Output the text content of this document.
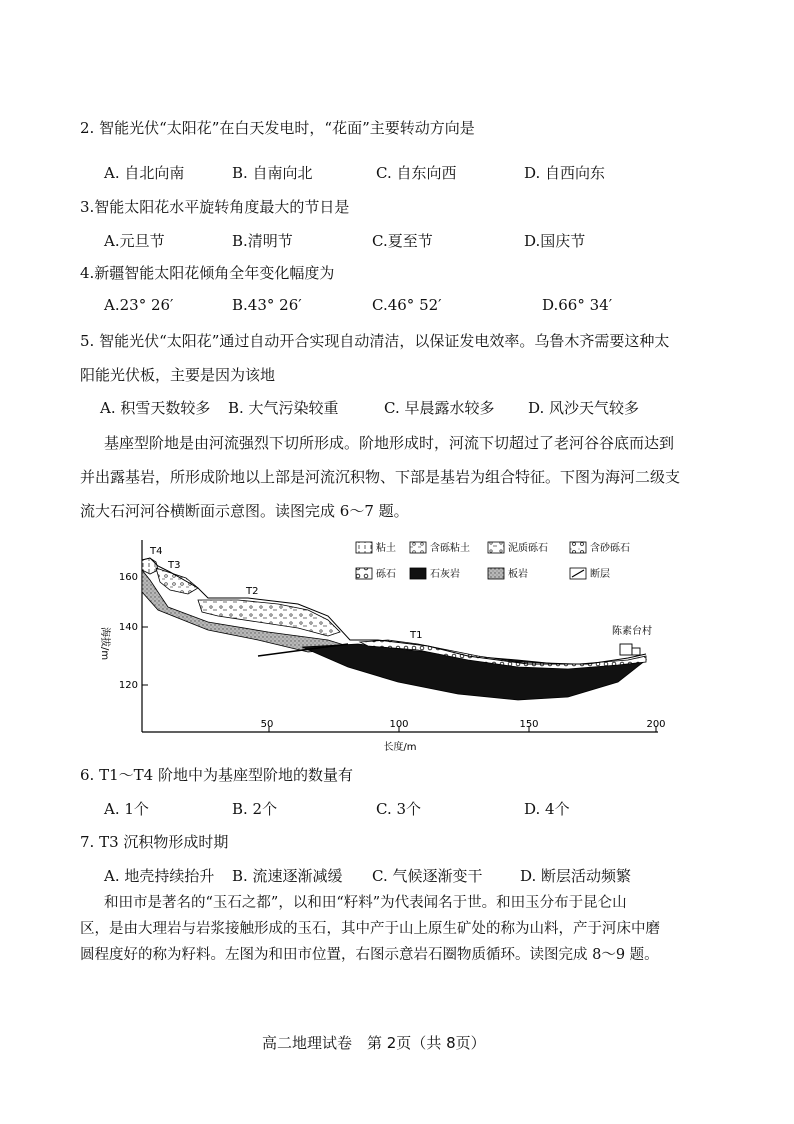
2. 智能光伏“太阳花”在白天发电时，“花面”主要转动方向是
A. 自北向南	B. 自南向北	C. 自东向西	D. 自西向东
3.智能太阳花水平旋转角度最大的节日是
A.元旦节	B.清明节	C.夏至节	D.国庆节
4.新疆智能太阳花倾角全年变化幅度为
A.23° 26′	B.43° 26′	C.46° 52′	D.66° 34′
5. 智能光伏“太阳花”通过自动开合实现自动清洁，以保证发电效率。乌鲁木齐需要这种太
阳能光伏板，主要是因为该地
A. 积雪天数较多 B. 大气污染较重	C. 早晨露水较多 D. 风沙天气较多
基座型阶地是由河流强烈下切所形成。阶地形成时，河流下切超过了老河谷谷底而达到
并出露基岩，所形成阶地以上部是河流沉积物、下部是基岩为组合特征。下图为海河二级支
流大石河河谷横断面示意图。读图完成 6～7 题。
160
140
120
海拔/m
50	100	150	200
长度/m
T4
T3
T2
T1	陈素台村
粘土	含砾粘土	泥质砾石	含砂砾石
砾石	石灰岩	板岩	断层
6. T1～T4 阶地中为基座型阶地的数量有
A. 1个	B. 2个	C. 3个	D. 4个
7. T3 沉积物形成时期
A. 地壳持续抬升 B. 流速逐渐减缓 C. 气候逐渐变干	D. 断层活动频繁
和田市是著名的“玉石之都”，以和田“籽料”为代表闻名于世。和田玉分布于昆仑山
区，是由大理岩与岩浆接触形成的玉石，其中产于山上原生矿处的称为山料，产于河床中磨
圆程度好的称为籽料。左图为和田市位置，右图示意岩石圈物质循环。读图完成 8～9 题。
高二地理试卷　第 2页（共 8页）
